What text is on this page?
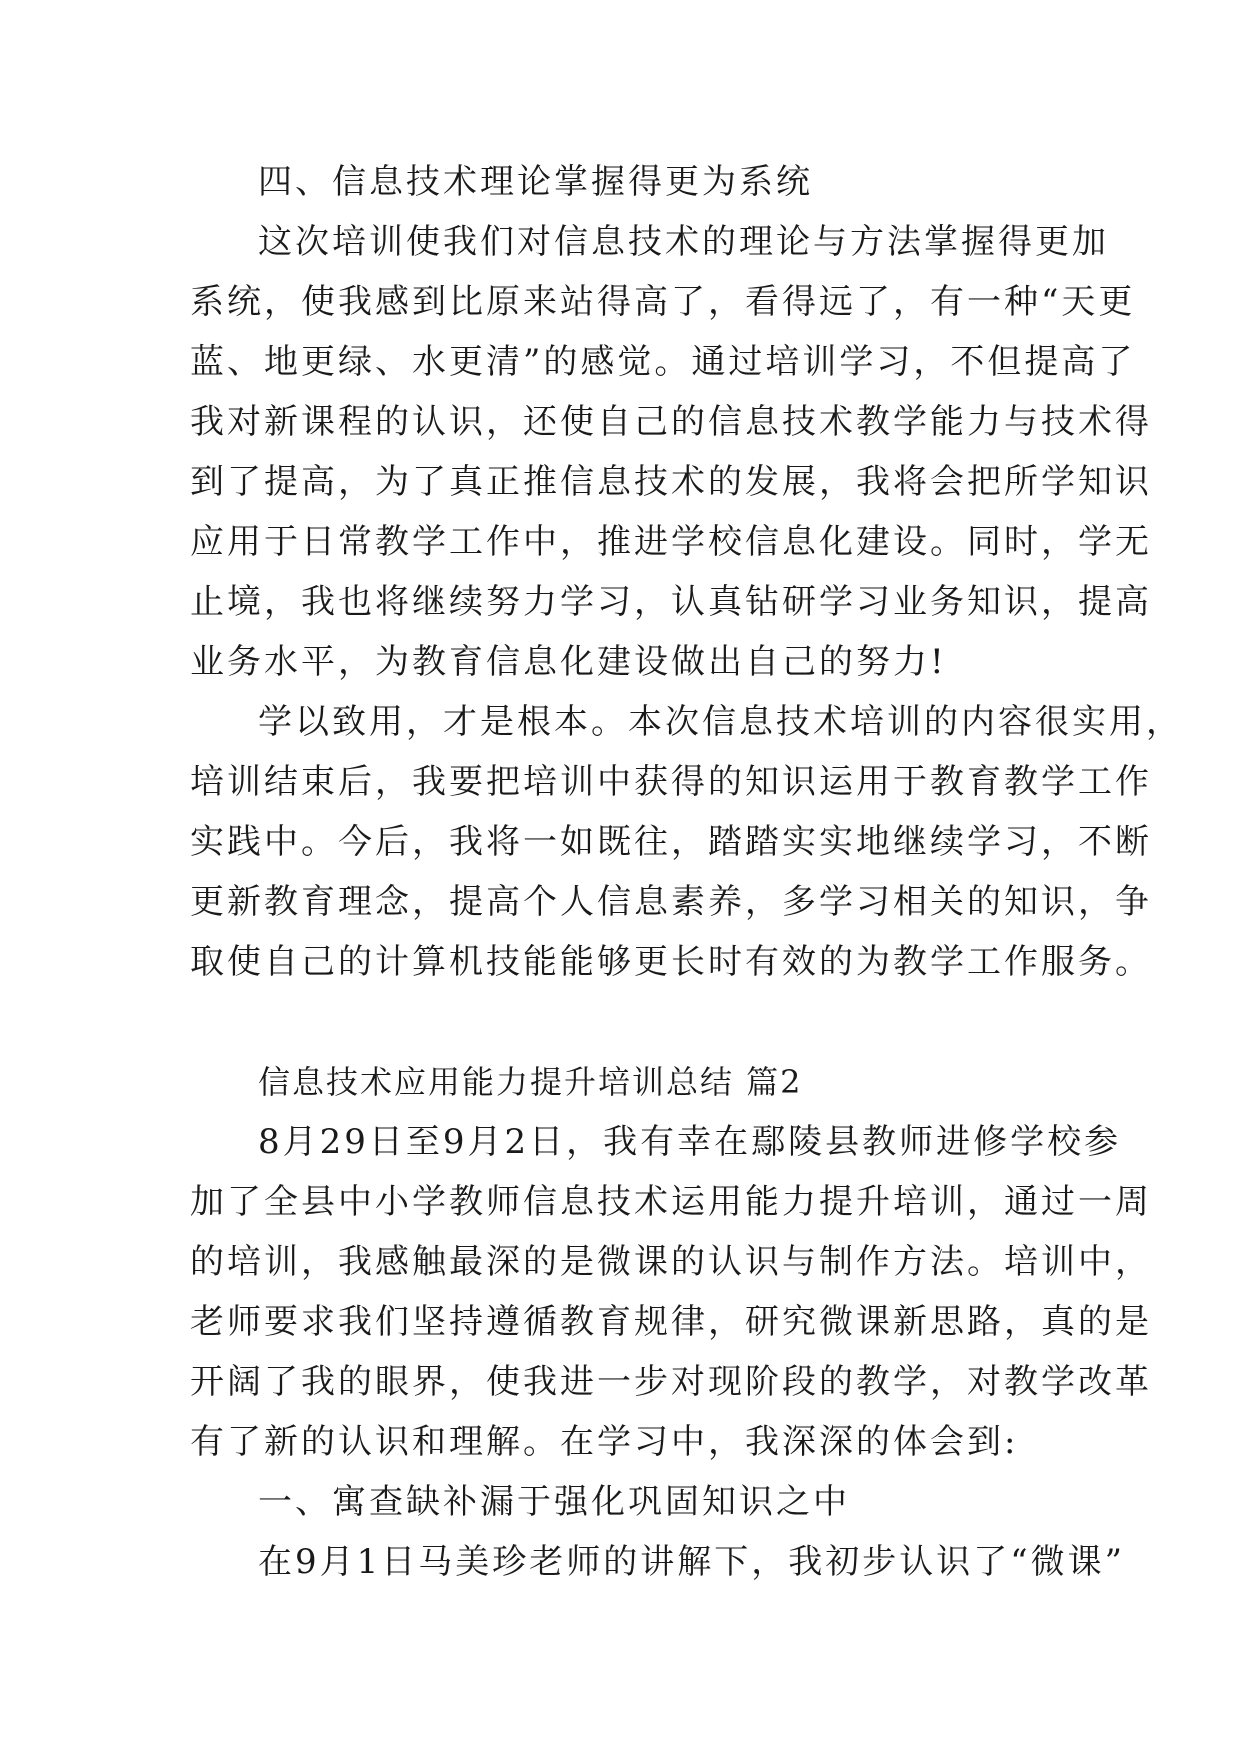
四、信息技术理论掌握得更为系统
这次培训使我们对信息技术的理论与方法掌握得更加
系统，使我感到比原来站得高了，看得远了，有一种“天更
蓝、地更绿、水更清”的感觉。通过培训学习，不但提高了
我对新课程的认识，还使自己的信息技术教学能力与技术得
到了提高，为了真正推信息技术的发展，我将会把所学知识
应用于日常教学工作中，推进学校信息化建设。同时，学无
止境，我也将继续努力学习，认真钻研学习业务知识，提高
业务水平，为教育信息化建设做出自己的努力!
学以致用，才是根本。本次信息技术培训的内容很实用，
培训结束后，我要把培训中获得的知识运用于教育教学工作
实践中。今后，我将一如既往，踏踏实实地继续学习，不断
更新教育理念，提高个人信息素养，多学习相关的知识，争
取使自己的计算机技能能够更长时有效的为教学工作服务。
信息技术应用能力提升培训总结 篇2
8月29日至9月2日，我有幸在鄢陵县教师进修学校参
加了全县中小学教师信息技术运用能力提升培训，通过一周
的培训，我感触最深的是微课的认识与制作方法。培训中，
老师要求我们坚持遵循教育规律，研究微课新思路，真的是
开阔了我的眼界，使我进一步对现阶段的教学，对教学改革
有了新的认识和理解。在学习中，我深深的体会到:
一、寓查缺补漏于强化巩固知识之中
在9月1日马美珍老师的讲解下，我初步认识了“微课”
